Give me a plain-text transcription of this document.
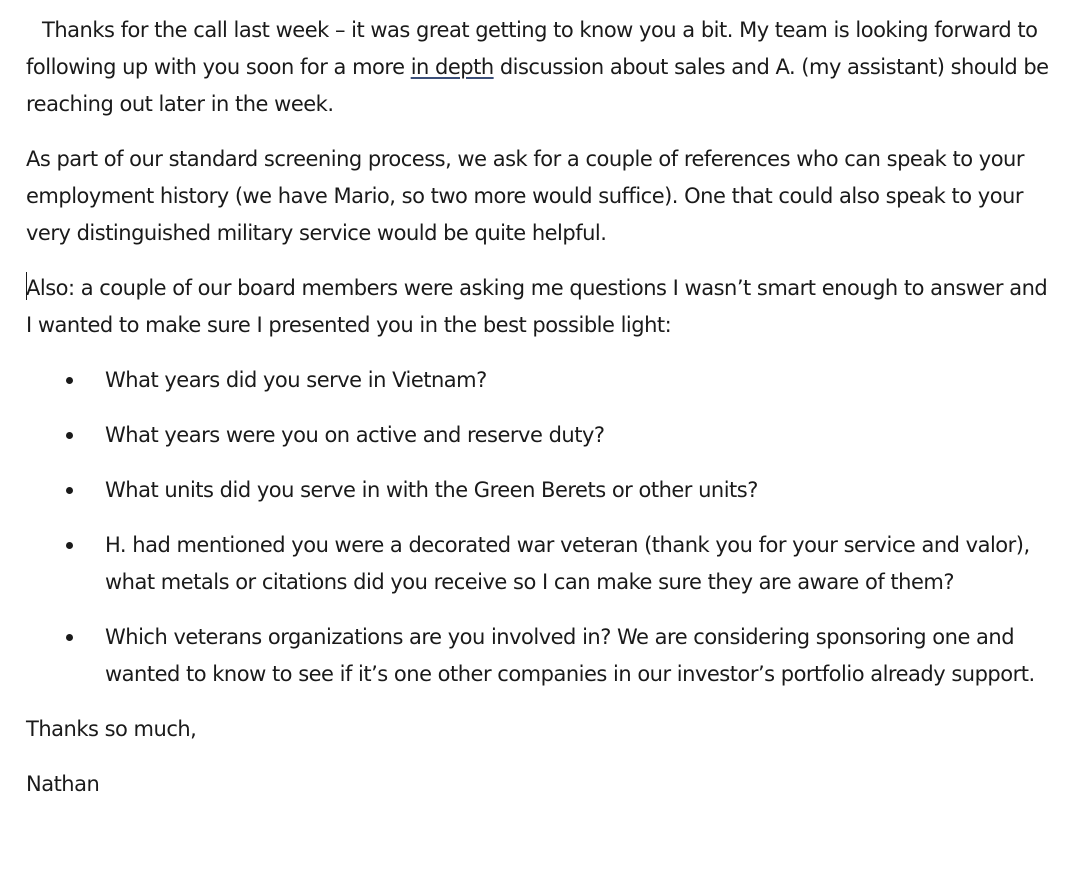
Thanks for the call last week – it was great getting to know you a bit. My team is looking forward to following up with you soon for a more in depth discussion about sales and A. (my assistant) should be reaching out later in the week.

As part of our standard screening process, we ask for a couple of references who can speak to your employment history (we have Mario, so two more would suffice). One that could also speak to your very distinguished military service would be quite helpful.

Also: a couple of our board members were asking me questions I wasn’t smart enough to answer and I wanted to make sure I presented you in the best possible light:

What years did you serve in Vietnam?
What years were you on active and reserve duty?
What units did you serve in with the Green Berets or other units?
H. had mentioned you were a decorated war veteran (thank you for your service and valor), what metals or citations did you receive so I can make sure they are aware of them?
Which veterans organizations are you involved in? We are considering sponsoring one and wanted to know to see if it’s one other companies in our investor’s portfolio already support.

Thanks so much,

Nathan
